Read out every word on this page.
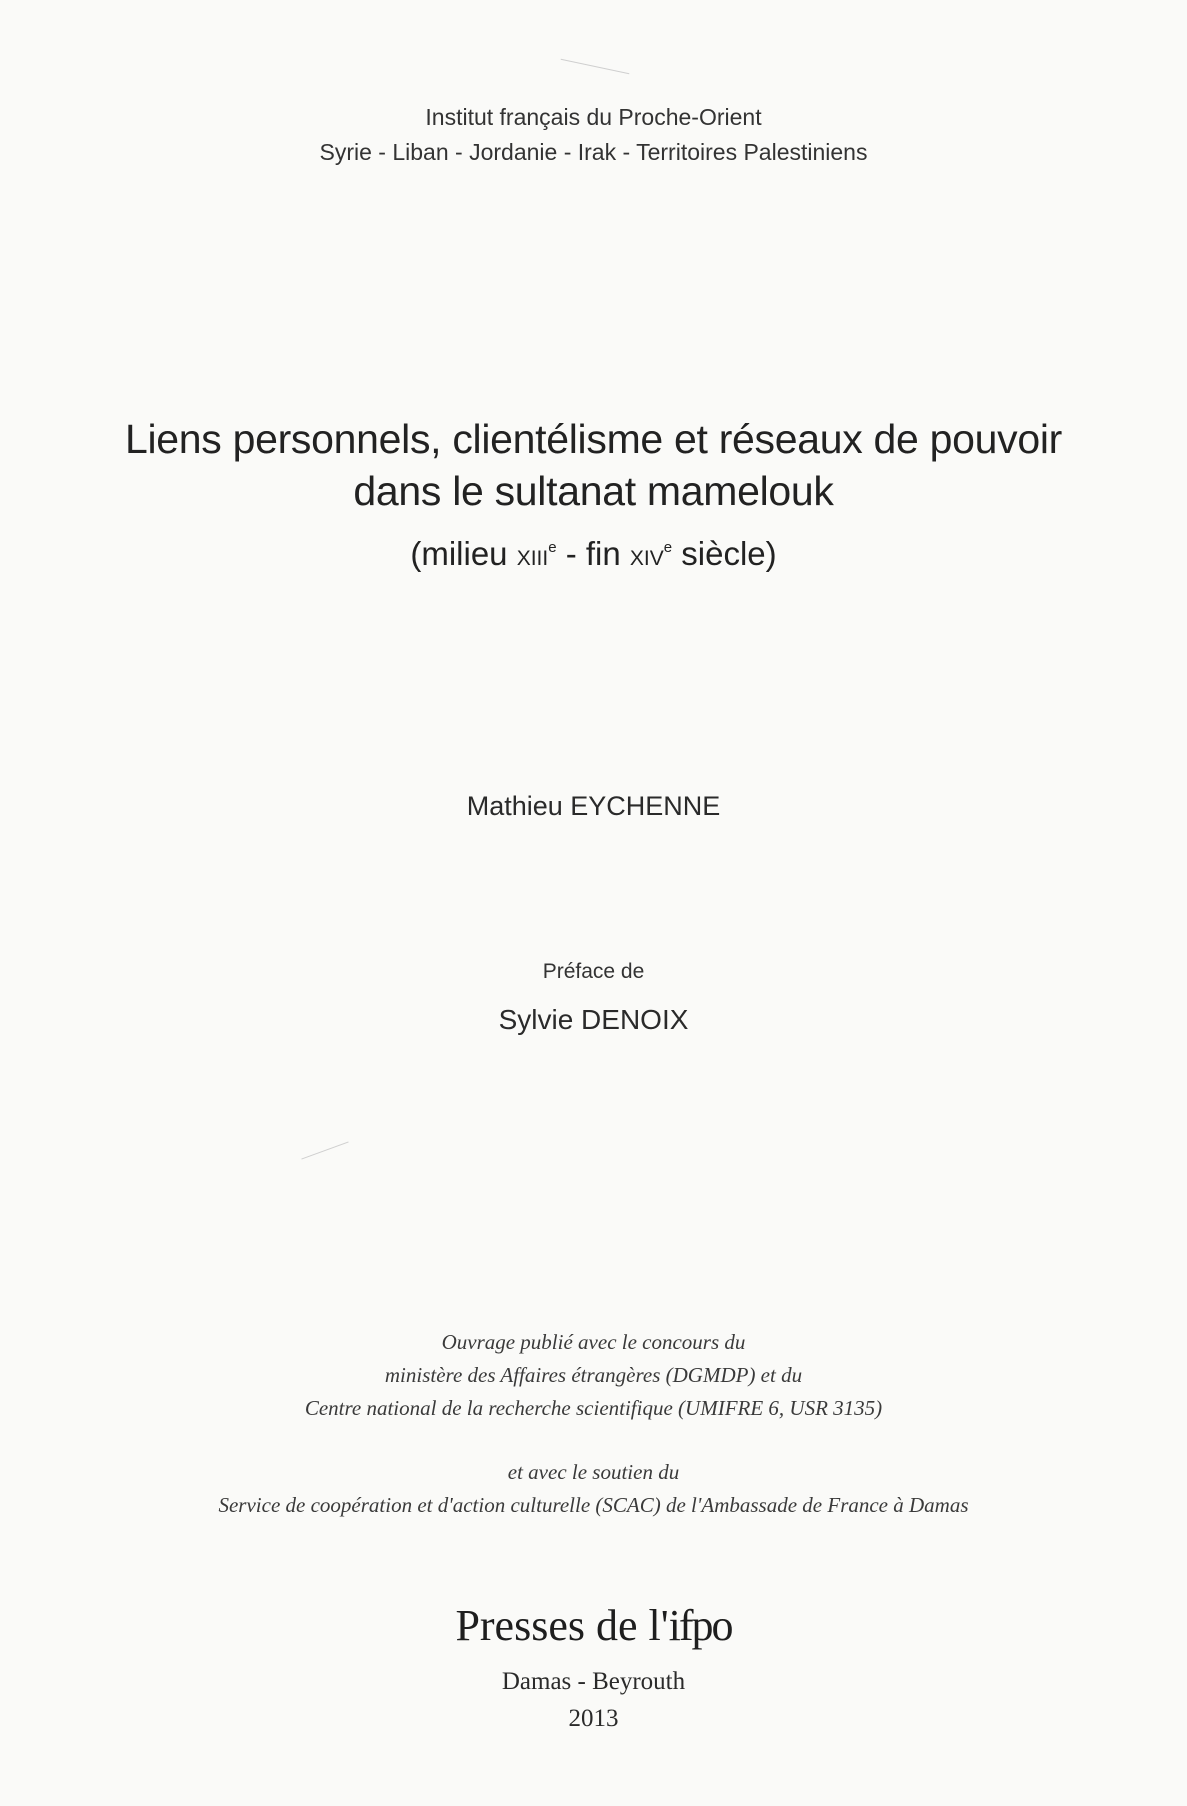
Institut français du Proche-Orient
Syrie - Liban - Jordanie - Irak - Territoires Palestiniens
Liens personnels, clientélisme et réseaux de pouvoir
dans le sultanat mamelouk
(milieu XIIIe - fin XIVe siècle)
Mathieu EYCHENNE
Préface de
Sylvie DENOIX
Ouvrage publié avec le concours du
ministère des Affaires étrangères (DGMDP) et du
Centre national de la recherche scientifique (UMIFRE 6, USR 3135)
et avec le soutien du
Service de coopération et d'action culturelle (SCAC) de l'Ambassade de France à Damas
Presses de l'ifpo
Damas - Beyrouth
2013
